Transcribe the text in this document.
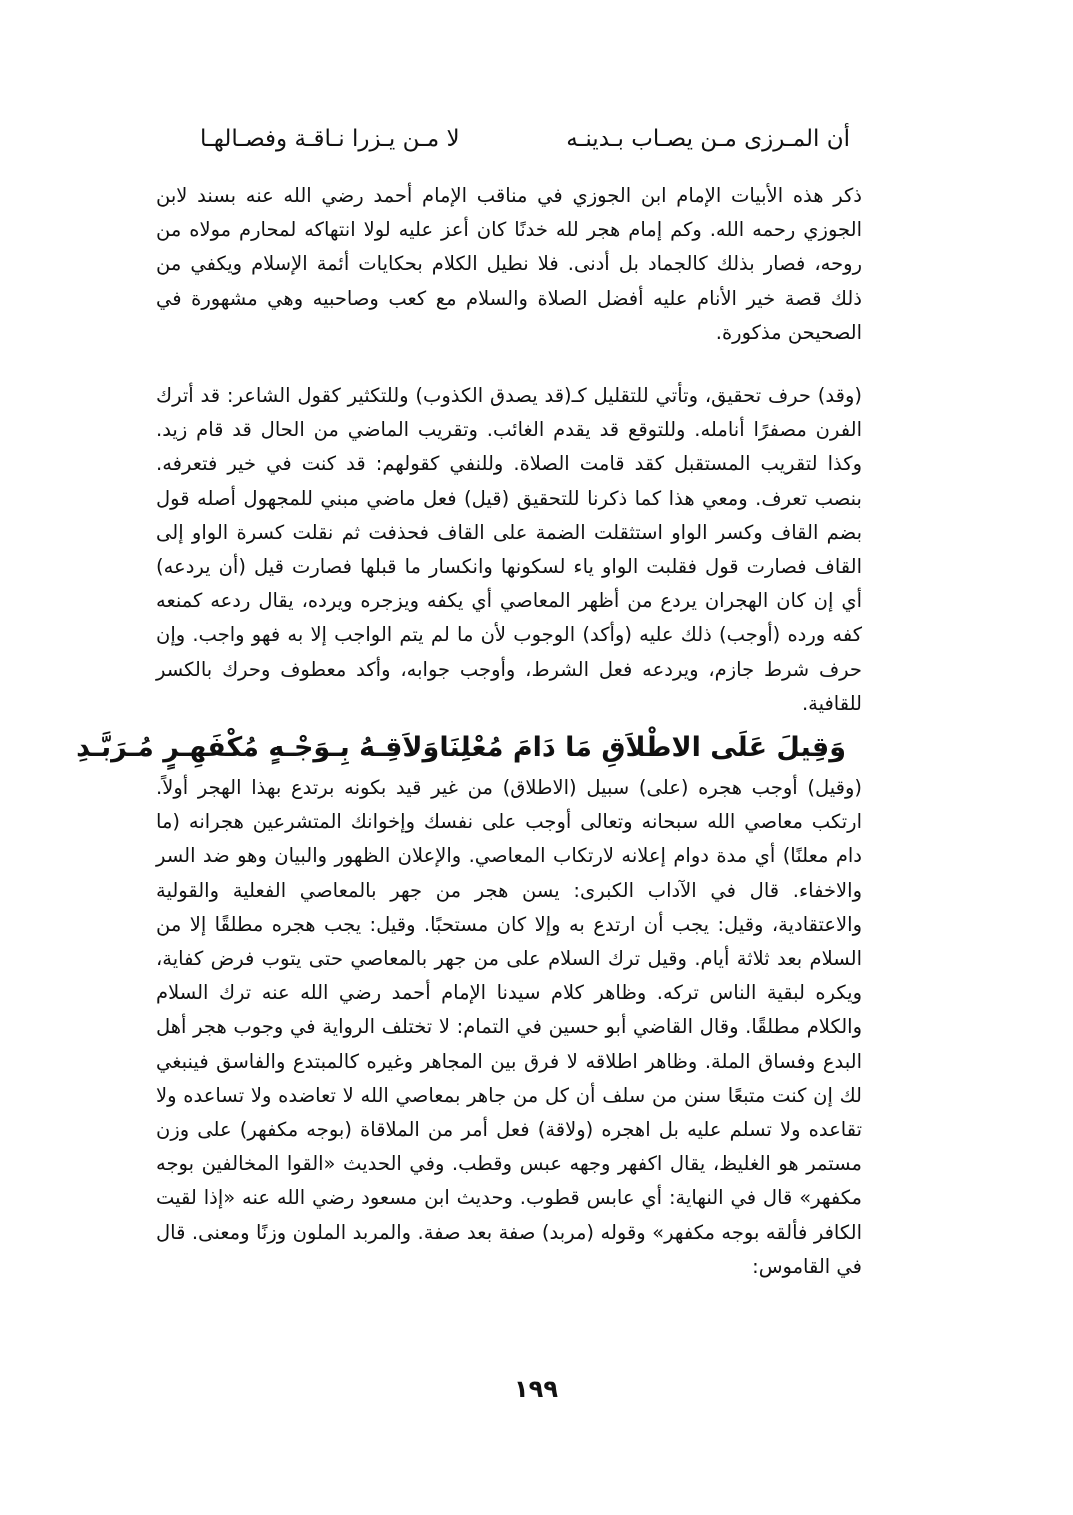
أن المـرزى مـن يصـاب بـدينـه
لا مـن يـزرا نـاقـة وفصـالهـا

ذكر هذه الأبيات الإمام ابن الجوزي في مناقب الإمام أحمد رضي الله عنه بسند لابن الجوزي رحمه الله. وكم إمام هجر لله خدنًا كان أعز عليه لولا انتهاكه لمحارم مولاه من روحه، فصار بذلك كالجماد بل أدنى. فلا نطيل الكلام بحكايات أئمة الإسلام ويكفي من ذلك قصة خير الأنام عليه أفضل الصلاة والسلام مع كعب وصاحبيه وهي مشهورة في الصحيحن مذكورة.

(وقد) حرف تحقيق، وتأتي للتقليل كـ(قد يصدق الكذوب) وللتكثير كقول الشاعر: قد أترك الفرن مصفرًا أنامله. وللتوقع قد يقدم الغائب. وتقريب الماضي من الحال قد قام زيد. وكذا لتقريب المستقبل كقد قامت الصلاة. وللنفي كقولهم: قد كنت في خير فتعرفه. بنصب تعرف. ومعي هذا كما ذكرنا للتحقيق (قيل) فعل ماضي مبني للمجهول أصله قول بضم القاف وكسر الواو استثقلت الضمة على القاف فحذفت ثم نقلت كسرة الواو إلى القاف فصارت قول فقلبت الواو ياء لسكونها وانكسار ما قبلها فصارت قيل (أن يردعه) أي إن كان الهجران يردع من أظهر المعاصي أي يكفه ويزجره ويرده، يقال ردعه كمنعه كفه ورده (أوجب) ذلك عليه (وأكد) الوجوب لأن ما لم يتم الواجب إلا به فهو واجب. وإن حرف شرط جازم، ويردعه فعل الشرط، وأوجب جوابه، وأكد معطوف وحرك بالكسر للقافية.

وَقِيلَ عَلَى الاطْلاَقِ مَا دَامَ مُعْلِنَا
وَلاَقِـهُ بِـوَجْـهٍ مُكْفَهِـرٍ مُـرَبَّـدِ

(وقيل) أوجب هجره (على) سبيل (الاطلاق) من غير قيد بكونه برتدع بهذا الهجر أولاً. ارتكب معاصي الله سبحانه وتعالى أوجب على نفسك وإخوانك المتشرعين هجرانه (ما دام معلنًا) أي مدة دوام إعلانه لارتكاب المعاصي. والإعلان الظهور والبيان وهو ضد السر والاخفاء. قال في الآداب الكبرى: يسن هجر من جهر بالمعاصي الفعلية والقولية والاعتقادية، وقيل: يجب أن ارتدع به وإلا كان مستحبًا. وقيل: يجب هجره مطلقًا إلا من السلام بعد ثلاثة أيام. وقيل ترك السلام على من جهر بالمعاصي حتى يتوب فرض كفاية، ويكره لبقية الناس تركه. وظاهر كلام سيدنا الإمام أحمد رضي الله عنه ترك السلام والكلام مطلقًا. وقال القاضي أبو حسين في التمام: لا تختلف الرواية في وجوب هجر أهل البدع وفساق الملة. وظاهر اطلاقه لا فرق بين المجاهر وغيره كالمبتدع والفاسق فينبغي لك إن كنت متبعًا سنن من سلف أن كل من جاهر بمعاصي الله لا تعاضده ولا تساعده ولا تقاعده ولا تسلم عليه بل اهجره (ولاقة) فعل أمر من الملاقاة (بوجه مكفهر) على وزن مستمر هو الغليظ، يقال اكفهر وجهه عبس وقطب. وفي الحديث «القوا المخالفين بوجه مكفهر» قال في النهاية: أي عابس قطوب. وحديث ابن مسعود رضي الله عنه «إذا لقيت الكافر فألقه بوجه مكفهر» وقوله (مربد) صفة بعد صفة. والمربد الملون وزنًا ومعنى. قال في القاموس:

١٩٩
